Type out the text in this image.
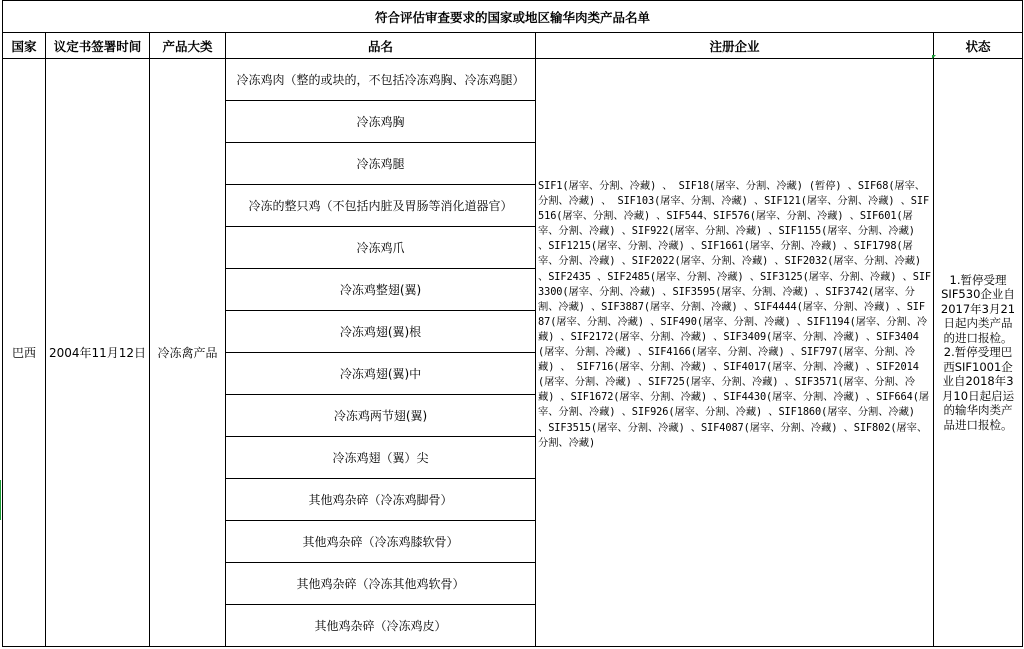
符合评估审查要求的国家或地区输华肉类产品名单					
国家	议定书签署时间	产品大类	品名	注册企业	状态
巴西	2004年11月12日	冷冻禽产品	冷冻鸡肉（整的或块的，不包括冷冻鸡胸、冷冻鸡腿）	SIF1(屠宰、分割、冷藏) 、 SIF18(屠宰、分割、冷藏) (暂停) 、SIF68(屠宰、分割、冷藏) 、 SIF103(屠宰、分割、冷藏) 、SIF121(屠宰、分割、冷藏) 、SIF516(屠宰、分割、冷藏) 、SIF544、SIF576(屠宰、分割、冷藏) 、SIF601(屠宰、分割、冷藏) 、SIF922(屠宰、分割、冷藏) 、SIF1155(屠宰、分割、冷藏) 、SIF1215(屠宰、分割、冷藏) 、SIF1661(屠宰、分割、冷藏) 、SIF1798(屠宰、分割、冷藏) 、SIF2022(屠宰、分割、冷藏) 、SIF2032(屠宰、分割、冷藏) 、SIF2435 、SIF2485(屠宰、分割、冷藏) 、SIF3125(屠宰、分割、冷藏) 、SIF3300(屠宰、分割、冷藏) 、SIF3595(屠宰、分割、冷藏) 、SIF3742(屠宰、分割、冷藏) 、SIF3887(屠宰、分割、冷藏) 、SIF4444(屠宰、分割、冷藏) 、SIF87(屠宰、分割、冷藏) 、SIF490(屠宰、分割、冷藏) 、SIF1194(屠宰、分割、冷藏) 、SIF2172(屠宰、分割、冷藏) 、SIF3409(屠宰、分割、冷藏) 、SIF3404(屠宰、分割、冷藏) 、SIF4166(屠宰、分割、冷藏) 、SIF797(屠宰、分割、冷藏) 、 SIF716(屠宰、分割、冷藏) 、SIF4017(屠宰、分割、冷藏) 、SIF2014(屠宰、分割、冷藏) 、SIF725(屠宰、分割、冷藏) 、SIF3571(屠宰、分割、冷藏) 、SIF1672(屠宰、分割、冷藏) 、SIF4430(屠宰、分割、冷藏) 、SIF664(屠宰、分割、冷藏) 、SIF926(屠宰、分割、冷藏) 、SIF1860(屠宰、分割、冷藏) 、SIF3515(屠宰、分割、冷藏) 、SIF4087(屠宰、分割、冷藏) 、SIF802(屠宰、分割、冷藏)	1.暂停受理SIF530企业自2017年3月21日起内类产品的进口报检。
2.暂停受理巴西SIF1001企业自2018年3月10日起启运的输华肉类产品进口报检。

			冷冻鸡胸		
			冷冻鸡腿		
			冷冻的整只鸡（不包括内脏及胃肠等消化道器官）		
			冷冻鸡爪		
			冷冻鸡整翅(翼)		
			冷冻鸡翅(翼)根		
			冷冻鸡翅(翼)中		
			冷冻鸡两节翅(翼)		
			冷冻鸡翅（翼）尖		
			其他鸡杂碎（冷冻鸡脚骨）		
			其他鸡杂碎（冷冻鸡膝软骨）		
			其他鸡杂碎（冷冻其他鸡软骨）		
			其他鸡杂碎（冷冻鸡皮）		
